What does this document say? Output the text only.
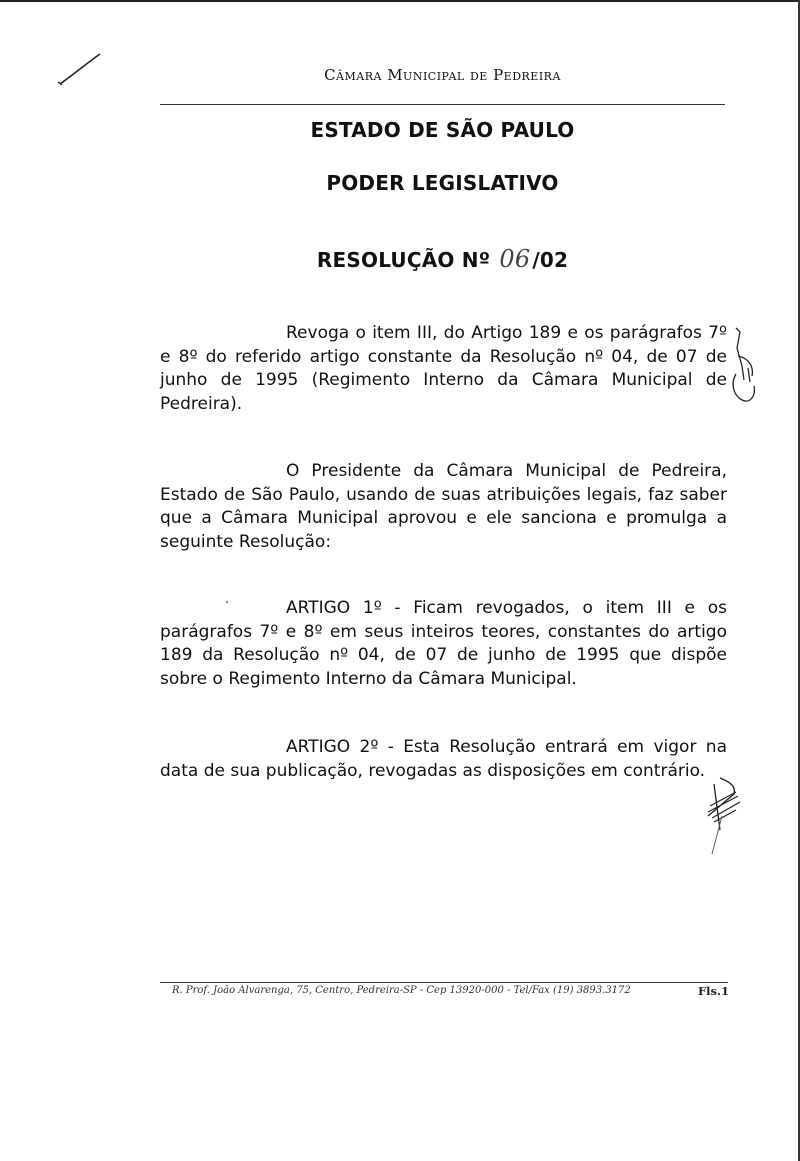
Câmara Municipal de Pedreira
ESTADO DE SÃO PAULO
PODER LEGISLATIVO
RESOLUÇÃO Nº 06 /02

Revoga o item III, do Artigo 189 e os parágrafos 7º e 8º do referido artigo constante da Resolução nº 04, de 07 de junho de 1995 (Regimento Interno da Câmara Municipal de Pedreira).

O Presidente da Câmara Municipal de Pedreira, Estado de São Paulo, usando de suas atribuições legais, faz saber que a Câmara Municipal aprovou e ele sanciona e promulga a seguinte Resolução:

ARTIGO 1º - Ficam revogados, o item III e os parágrafos 7º e 8º em seus inteiros teores, constantes do artigo 189 da Resolução nº 04, de 07 de junho de 1995 que dispõe sobre o Regimento Interno da Câmara Municipal.

ARTIGO 2º - Esta Resolução entrará em vigor na data de sua publicação, revogadas as disposições em contrário.

R. Prof. João Alvarenga, 75, Centro, Pedreira-SP - Cep 13920-000 - Tel/Fax (19) 3893.3172	Fls.1
